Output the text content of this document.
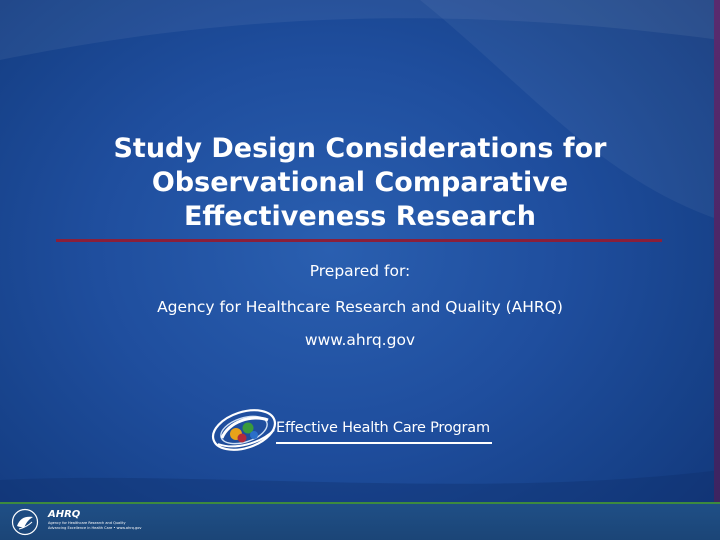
Study Design Considerations for
Observational Comparative
Effectiveness Research
Prepared for:
Agency for Healthcare Research and Quality (AHRQ)
www.ahrq.gov
Effective Health Care Program
AHRQ
Agency for Healthcare Research and Quality
Advancing Excellence in Health Care • www.ahrq.gov
